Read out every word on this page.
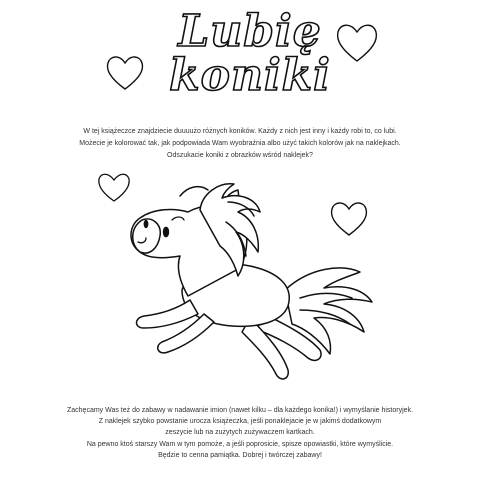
Lubię
koniki

W tej książeczce znajdziecie duuuużo różnych koników. Każdy z nich jest inny i każdy robi to, co lubi.

Możecie je kolorować tak, jak podpowiada Wam wyobraźnia albo użyć takich kolorów jak na naklejkach.

Odszukacie koniki z obrazków wśród naklejek?

Zachęcamy Was też do zabawy w nadawanie imion (nawet kilku – dla każdego konika!) i wymyślanie historyjek.

Z naklejek szybko powstanie urocza książeczka, jeśli ponaklejacie je w jakimś dodatkowym

zeszycie lub na zużytych zużywaczem kartkach.

Na pewno ktoś starszy Wam w tym pomoże, a jeśli poprosicie, spisze opowiastki, które wymyślicie.

Będzie to cenna pamiątka. Dobrej i twórczej zabawy!
